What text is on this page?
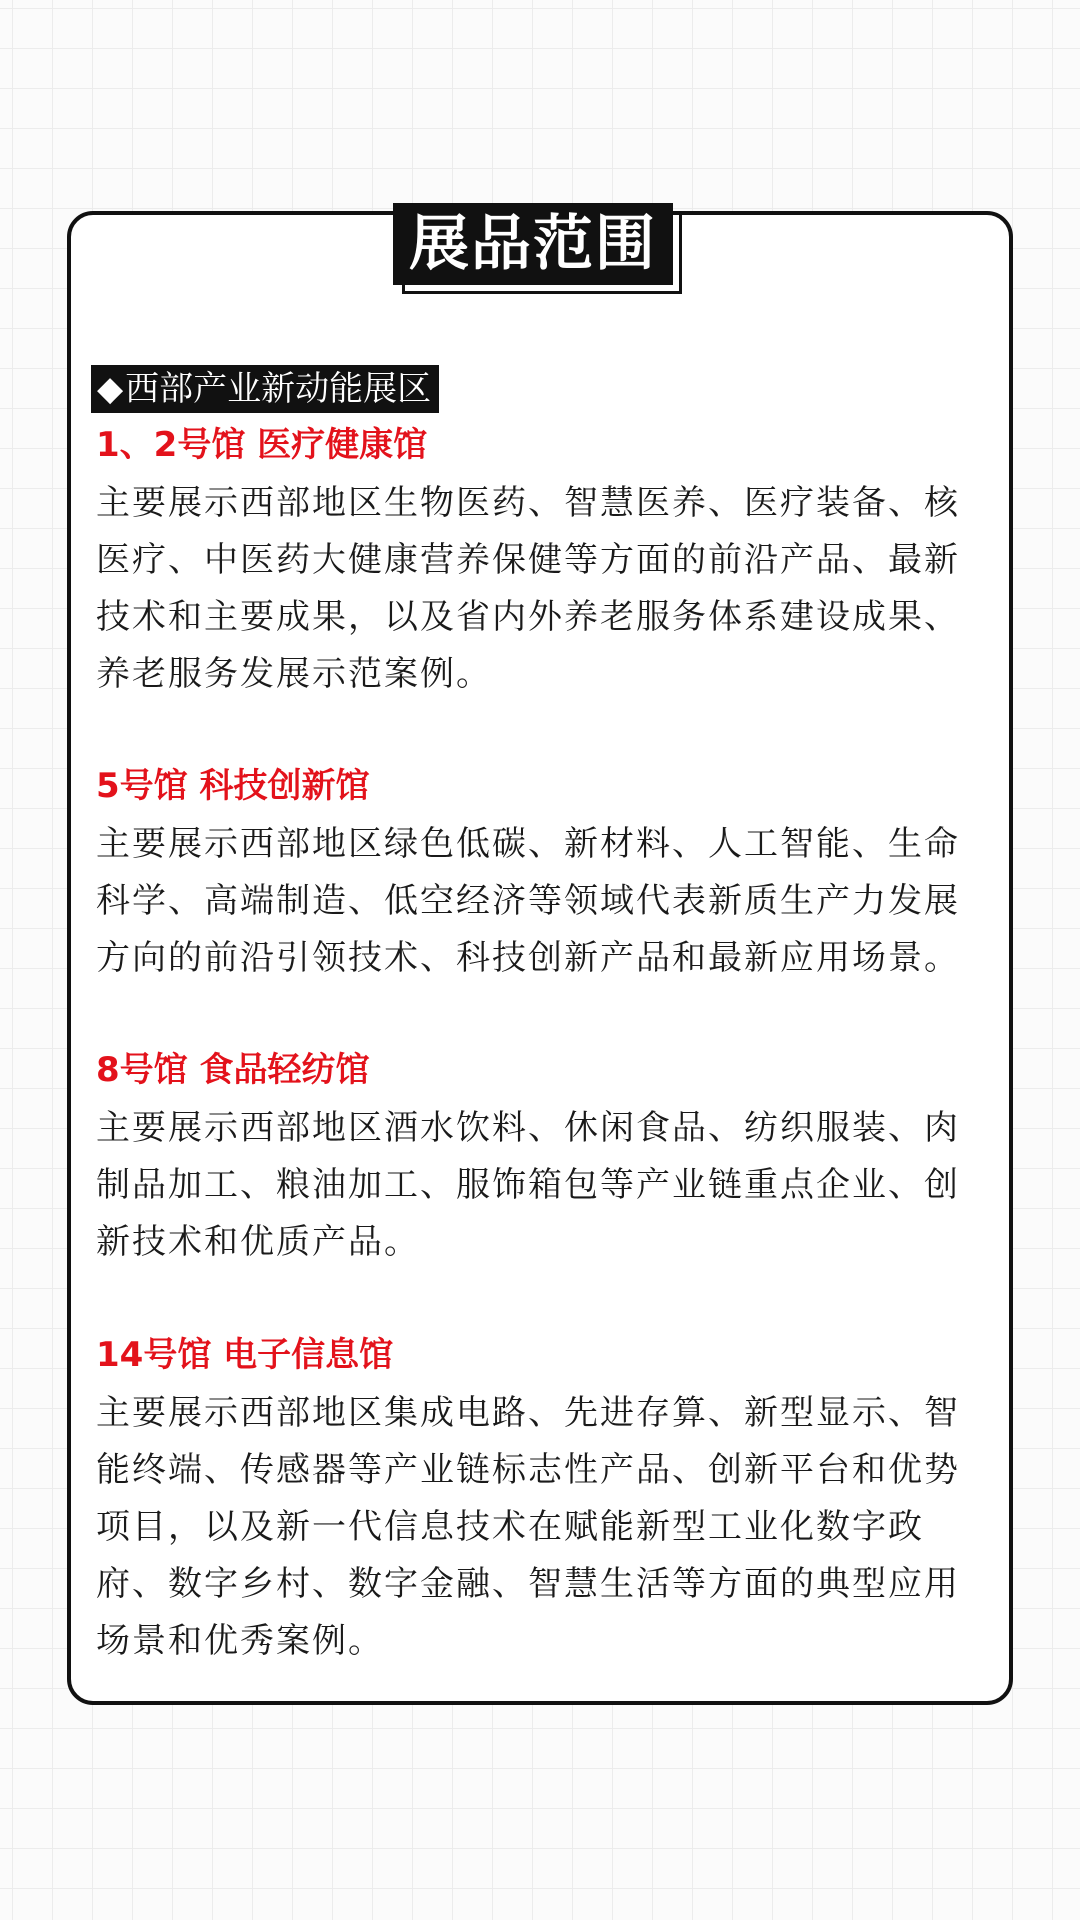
展品范围
◆西部产业新动能展区
1、2号馆 医疗健康馆
主要展示西部地区生物医药、智慧医养、医疗装备、核医疗、中医药大健康营养保健等方面的前沿产品、最新技术和主要成果，以及省内外养老服务体系建设成果、养老服务发展示范案例。
5号馆 科技创新馆
主要展示西部地区绿色低碳、新材料、人工智能、生命科学、高端制造、低空经济等领域代表新质生产力发展方向的前沿引领技术、科技创新产品和最新应用场景。
8号馆 食品轻纺馆
主要展示西部地区酒水饮料、休闲食品、纺织服装、肉制品加工、粮油加工、服饰箱包等产业链重点企业、创新技术和优质产品。
14号馆 电子信息馆
主要展示西部地区集成电路、先进存算、新型显示、智能终端、传感器等产业链标志性产品、创新平台和优势项目，以及新一代信息技术在赋能新型工业化数字政府、数字乡村、数字金融、智慧生活等方面的典型应用场景和优秀案例。
